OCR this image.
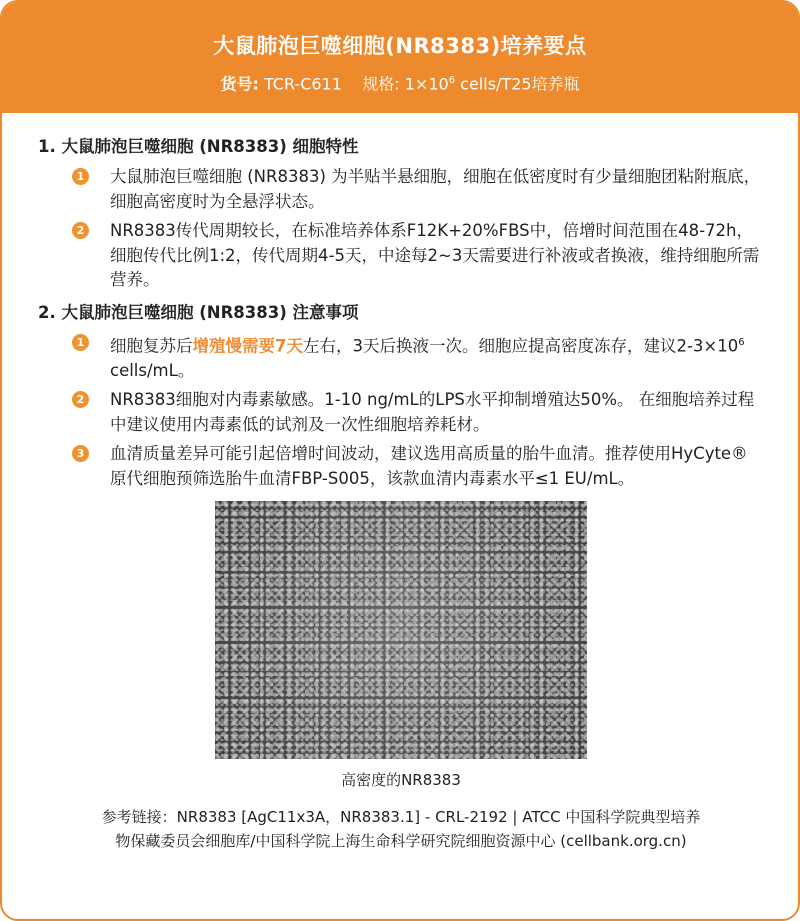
大鼠肺泡巨噬细胞(NR8383)培养要点
货号: TCR-C611 规格: $1\times 10^6$ cells/T25培养瓶
1. 大鼠肺泡巨噬细胞 (NR8383) 细胞特性
1 大鼠肺泡巨噬细胞 (NR8383) 为半贴半悬细胞，细胞在低密度时有少量细胞团粘附瓶底，细胞高密度时为全悬浮状态。
2 NR8383传代周期较长，在标准培养体系F12K+20%FBS中，倍增时间范围在48-72h，细胞传代比例1:2，传代周期4-5天，中途每2~3天需要进行补液或者换液，维持细胞所需营养。
2. 大鼠肺泡巨噬细胞 (NR8383) 注意事项
1 细胞复苏后增殖慢需要7天左右，3天后换液一次。细胞应提高密度冻存，建议$2-3\times 10^6$ cells/mL。
2 NR8383细胞对内毒素敏感。1-10 ng/mL的LPS水平抑制增殖达50%。 在细胞培养过程中建议使用内毒素低的试剂及一次性细胞培养耗材。
3 血清质量差异可能引起倍增时间波动，建议选用高质量的胎牛血清。推荐使用HyCyte®原代细胞预筛选胎牛血清FBP-S005，该款血清内毒素水平≤1 EU/mL。
高密度的NR8383
参考链接：NR8383 [AgC11x3A，NR8383.1] - CRL-2192 | ATCC 中国科学院典型培养
物保藏委员会细胞库/中国科学院上海生命科学研究院细胞资源中心 (cellbank.org.cn)
